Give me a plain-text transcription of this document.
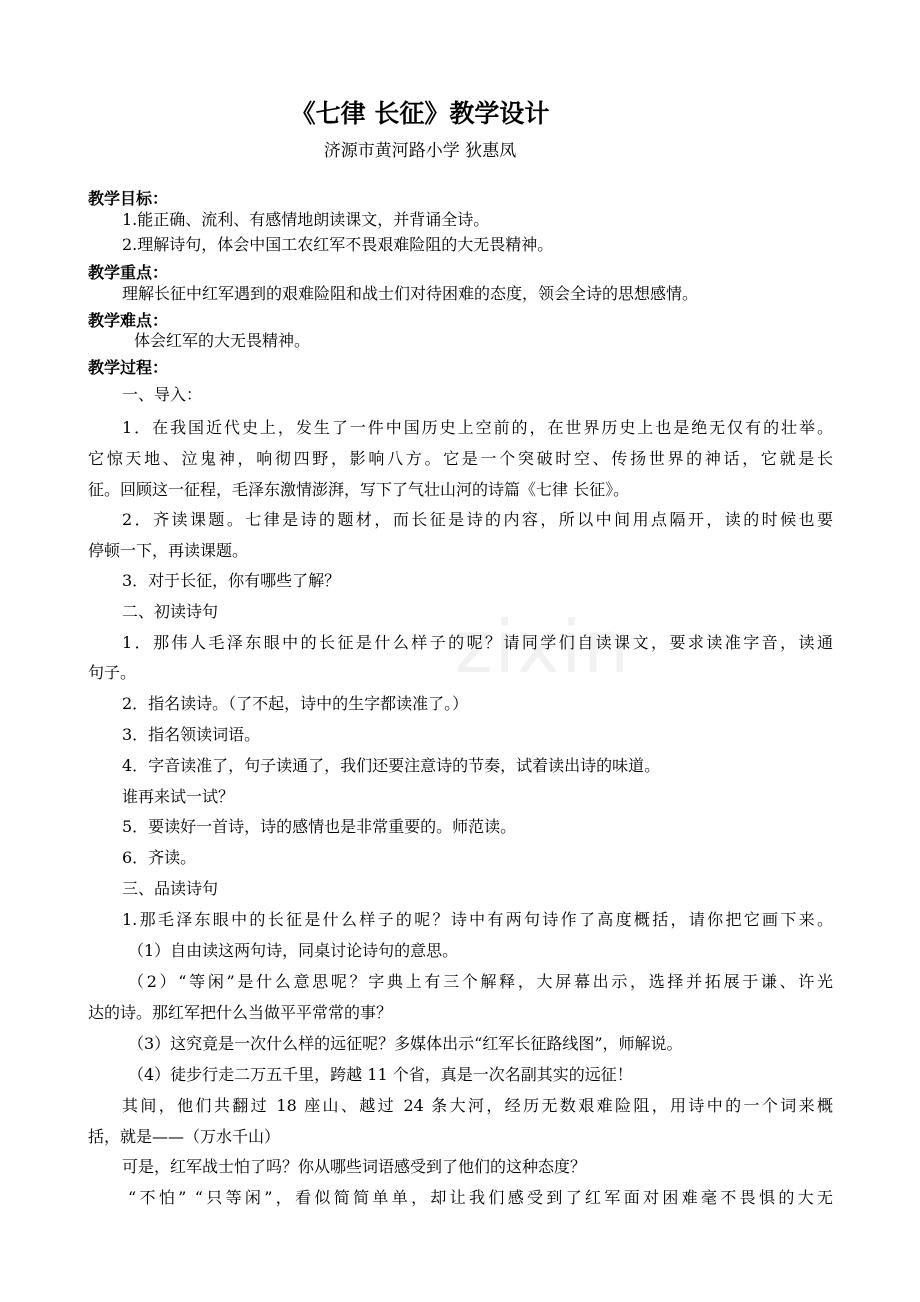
zixin
《七律 长征》教学设计
济源市黄河路小学 狄惠凤
教学目标：
1.能正确、流利、有感情地朗读课文，并背诵全诗。
2.理解诗句，体会中国工农红军不畏艰难险阻的大无畏精神。
教学重点：
理解长征中红军遇到的艰难险阻和战士们对待困难的态度，领会全诗的思想感情。
教学难点：
体会红军的大无畏精神。
教学过程：
一、导入：
1．在我国近代史上，发生了一件中国历史上空前的，在世界历史上也是绝无仅有的壮举。
它惊天地、泣鬼神，响彻四野，影响八方。它是一个突破时空、传扬世界的神话，它就是长
征。回顾这一征程，毛泽东激情澎湃，写下了气壮山河的诗篇《七律 长征》。
2．齐读课题。七律是诗的题材，而长征是诗的内容，所以中间用点隔开，读的时候也要
停顿一下，再读课题。
3．对于长征，你有哪些了解？
二、初读诗句
1．那伟人毛泽东眼中的长征是什么样子的呢？请同学们自读课文，要求读准字音，读通
句子。
2．指名读诗。（了不起，诗中的生字都读准了。）
3．指名领读词语。
4．字音读准了，句子读通了，我们还要注意诗的节奏，试着读出诗的味道。
谁再来试一试？
5．要读好一首诗，诗的感情也是非常重要的。师范读。
6．齐读。
三、品读诗句
1.那毛泽东眼中的长征是什么样子的呢？诗中有两句诗作了高度概括，请你把它画下来。
（1）自由读这两句诗，同桌讨论诗句的意思。
（2）“等闲”是什么意思呢？字典上有三个解释，大屏幕出示，选择并拓展于谦、许光
达的诗。那红军把什么当做平平常常的事？
（3）这究竟是一次什么样的远征呢？多媒体出示“红军长征路线图”，师解说。
（4）徒步行走二万五千里，跨越 11 个省，真是一次名副其实的远征！
其间，他们共翻过 18 座山、越过 24 条大河，经历无数艰难险阻，用诗中的一个词来概
括，就是——（万水千山）
可是，红军战士怕了吗？你从哪些词语感受到了他们的这种态度？
“不怕” “只等闲”，看似简简单单，却让我们感受到了红军面对困难毫不畏惧的大无
